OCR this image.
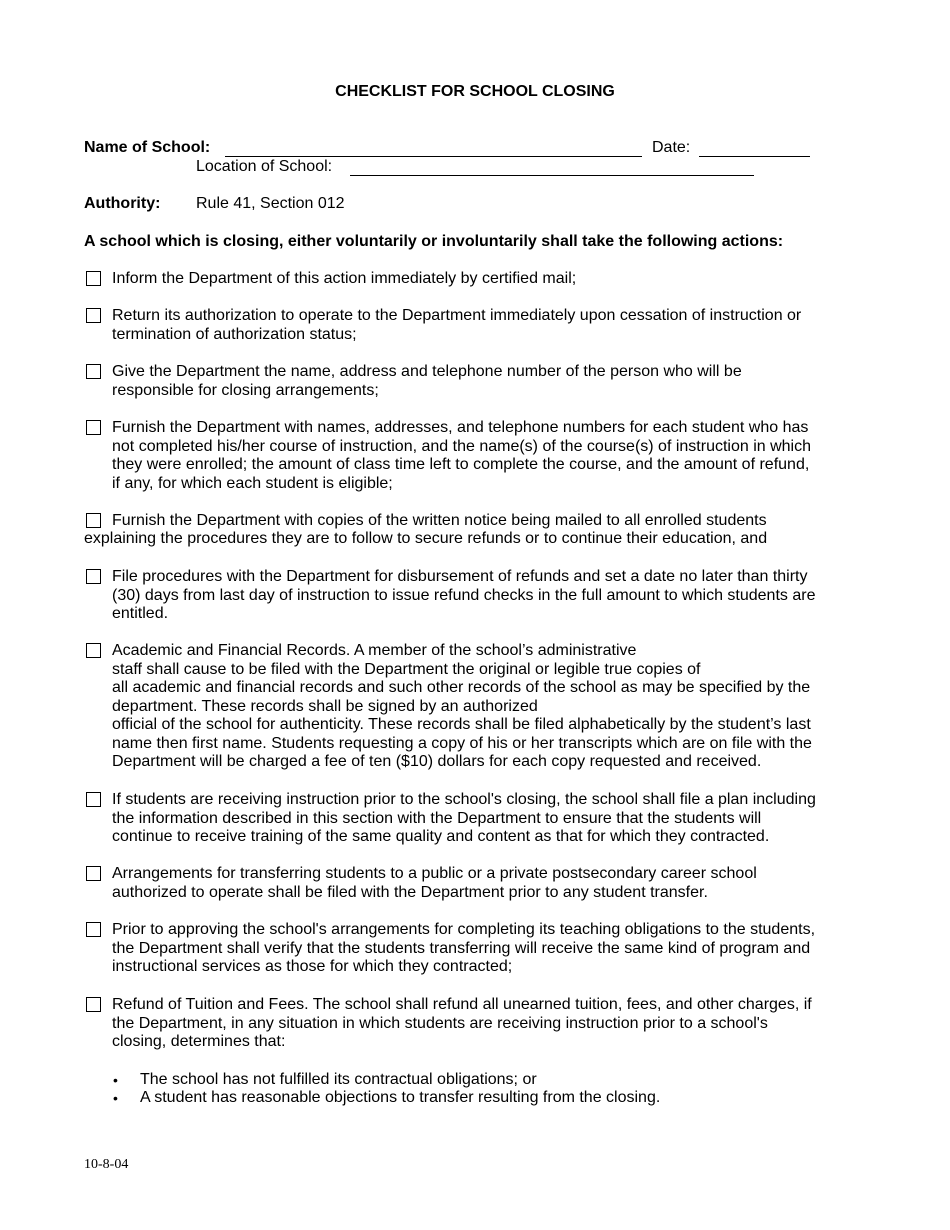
CHECKLIST FOR SCHOOL CLOSING
Name of School:	Date:
Location of School:
Authority: Rule 41, Section 012
A school which is closing, either voluntarily or involuntarily shall take the following actions:
Inform the Department of this action immediately by certified mail;
Return its authorization to operate to the Department immediately upon cessation of instruction or
termination of authorization status;
Give the Department the name, address and telephone number of the person who will be
responsible for closing arrangements;
Furnish the Department with names, addresses, and telephone numbers for each student who has
not completed his/her course of instruction, and the name(s) of the course(s) of instruction in which
they were enrolled; the amount of class time left to complete the course, and the amount of refund,
if any, for which each student is eligible;
Furnish the Department with copies of the written notice being mailed to all enrolled students
explaining the procedures they are to follow to secure refunds or to continue their education, and
File procedures with the Department for disbursement of refunds and set a date no later than thirty
(30) days from last day of instruction to issue refund checks in the full amount to which students are
entitled.
Academic and Financial Records. A member of the school’s administrative
staff shall cause to be filed with the Department the original or legible true copies of
all academic and financial records and such other records of the school as may be specified by the
department. These records shall be signed by an authorized
official of the school for authenticity. These records shall be filed alphabetically by the student’s last
name then first name. Students requesting a copy of his or her transcripts which are on file with the
Department will be charged a fee of ten ($10) dollars for each copy requested and received.
If students are receiving instruction prior to the school's closing, the school shall file a plan including
the information described in this section with the Department to ensure that the students will
continue to receive training of the same quality and content as that for which they contracted.
Arrangements for transferring students to a public or a private postsecondary career school
authorized to operate shall be filed with the Department prior to any student transfer.
Prior to approving the school's arrangements for completing its teaching obligations to the students,
the Department shall verify that the students transferring will receive the same kind of program and
instructional services as those for which they contracted;
Refund of Tuition and Fees. The school shall refund all unearned tuition, fees, and other charges, if
the Department, in any situation in which students are receiving instruction prior to a school's
closing, determines that:
• The school has not fulfilled its contractual obligations; or
• A student has reasonable objections to transfer resulting from the closing.
10-8-04
